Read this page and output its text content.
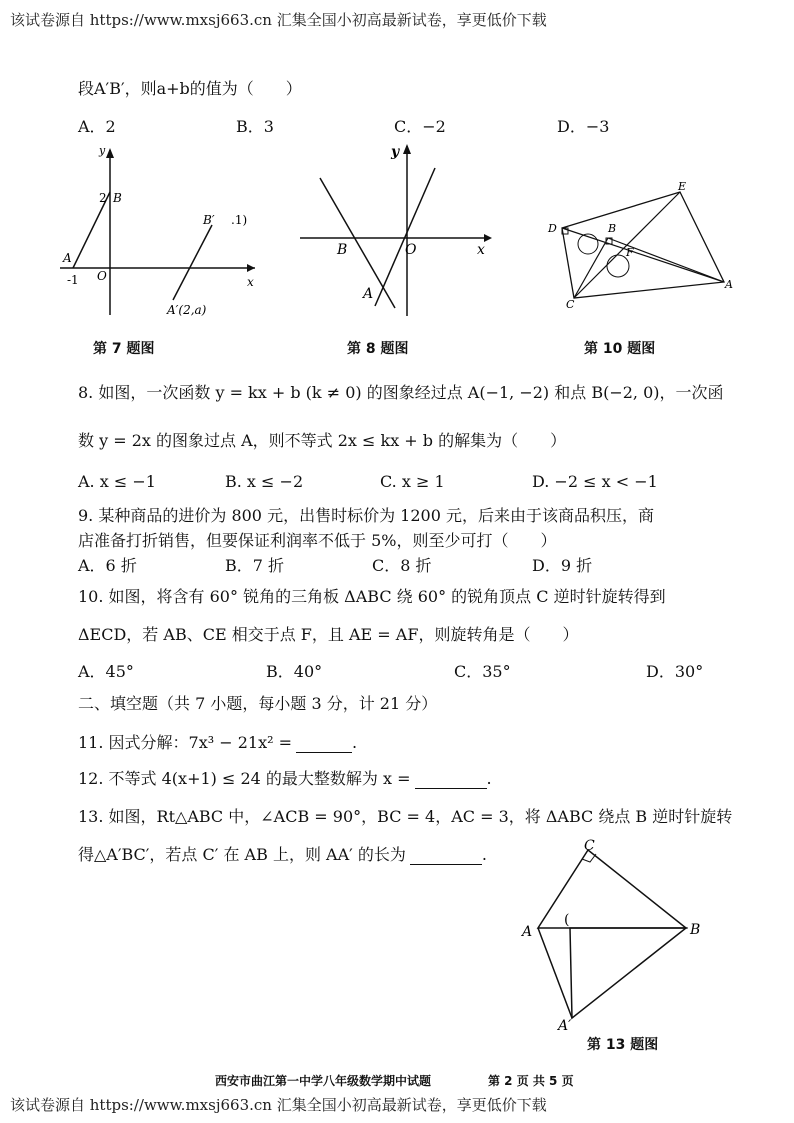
该试卷源自 https://www.mxsj663.cn 汇集全国小初高最新试卷，享更低价下载
段A′B′，则a+b的值为（　　）
A．2	B．3	C．−2	D．−3
y
2 B
B′ .1)
A
-1 O	x
A′(2,a)
第 7 题图
y
B	O	x
A
第 8 题图
E
D	B
F
C
A
第 10 题图
8. 如图，一次函数 y = kx + b (k ≠ 0) 的图象经过点 A(−1, −2) 和点 B(−2, 0)，一次函
数 y = 2x 的图象过点 A，则不等式 2x ≤ kx + b 的解集为（　　）
A. x ≤ −1	B. x ≤ −2	C. x ≥ 1	D. −2 ≤ x < −1
9. 某种商品的进价为 800 元，出售时标价为 1200 元，后来由于该商品积压，商
店准备打折销售，但要保证利润率不低于 5%，则至少可打（　　）
A．6 折	B．7 折	C．8 折	D．9 折
10. 如图，将含有 60° 锐角的三角板 ΔABC 绕 60° 的锐角顶点 C 逆时针旋转得到
ΔECD，若 AB、CE 相交于点 F，且 AE = AF，则旋转角是（　　）
A．45°	B．40°	C．35°	D．30°
二、填空题（共 7 小题，每小题 3 分，计 21 分）
11. 因式分解：7x³ − 21x² =	.
12. 不等式 4(x+1) ≤ 24 的最大整数解为 x =	.
13. 如图，Rt△ABC 中，∠ACB = 90°，BC = 4，AC = 3，将 ΔABC 绕点 B 逆时针旋转
得△A′BC′，若点 C′ 在 AB 上，则 AA′ 的长为	.	C
A
(
B
A′
第 13 题图
西安市曲江第一中学八年级数学期中试题	第 2 页 共 5 页
该试卷源自 https://www.mxsj663.cn 汇集全国小初高最新试卷，享更低价下载
